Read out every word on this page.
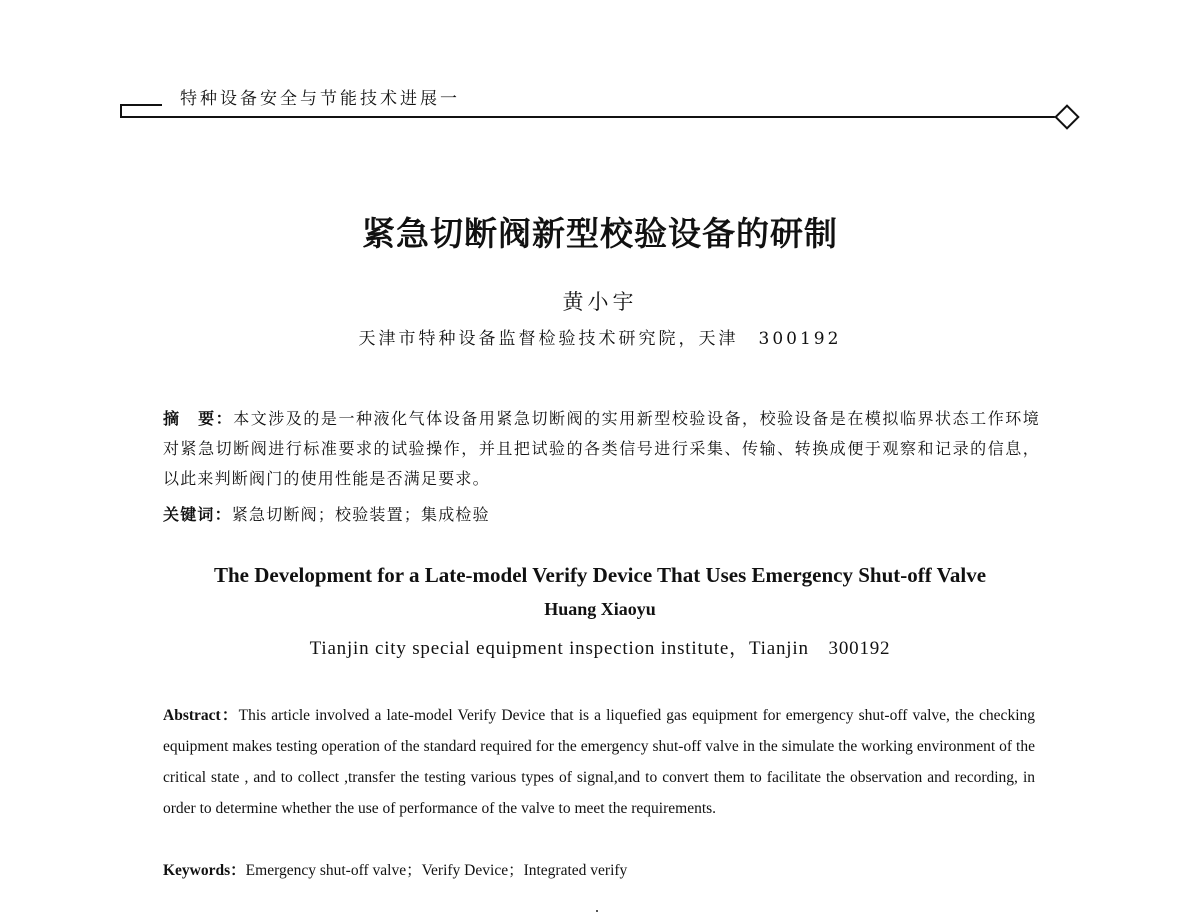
特种设备安全与节能技术进展一
紧急切断阀新型校验设备的研制
黄小宇
天津市特种设备监督检验技术研究院，天津　300192
摘　要：本文涉及的是一种液化气体设备用紧急切断阀的实用新型校验设备，校验设备是在模拟临界状态工作环境对紧急切断阀进行标准要求的试验操作，并且把试验的各类信号进行采集、传输、转换成便于观察和记录的信息，以此来判断阀门的使用性能是否满足要求。
关键词：紧急切断阀；校验装置；集成检验
The Development for a Late-model Verify Device That Uses Emergency Shut-off Valve
Huang Xiaoyu
Tianjin city special equipment inspection institute，Tianjin　300192
Abstract：This article involved a late-model Verify Device that is a liquefied gas equipment for emergency shut-off valve, the checking equipment makes testing operation of the standard required for the emergency shut-off valve in the simulate the working environment of the critical state , and to collect ,transfer the testing various types of signal,and to convert them to facilitate the observation and recording, in order to determine whether the use of performance of the valve to meet the requirements.
Keywords：Emergency shut-off valve；Verify Device；Integrated verify
